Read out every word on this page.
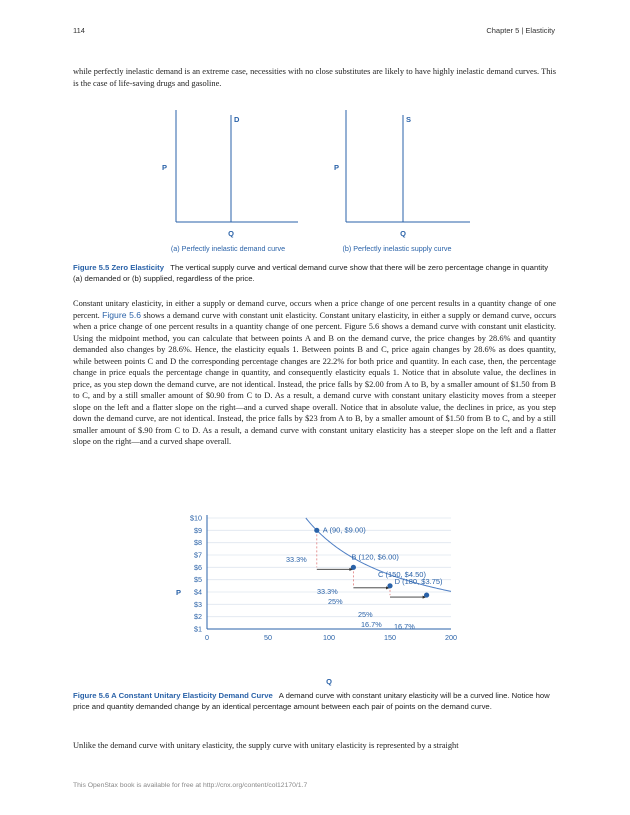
114	Chapter 5 | Elasticity

while perfectly inelastic demand is an extreme case, necessities with no close substitutes are likely to have highly inelastic demand curves. This is the case of life-saving drugs and gasoline.

D
P
Q
(a) Perfectly inelastic demand curve
S
P
Q
(b) Perfectly inelastic supply curve

Figure 5.5 Zero Elasticity The vertical supply curve and vertical demand curve show that there will be zero percentage change in quantity (a) demanded or (b) supplied, regardless of the price.

Constant unitary elasticity, in either a supply or demand curve, occurs when a price change of one percent results in a quantity change of one percent. Figure 5.6 shows a demand curve with constant unit elasticity. Constant unitary elasticity, in either a supply or demand curve, occurs when a price change of one percent results in a quantity change of one percent. Figure 5.6 shows a demand curve with constant unit elasticity. Using the midpoint method, you can calculate that between points A and B on the demand curve, the price changes by 28.6% and quantity demanded also changes by 28.6%. Hence, the elasticity equals 1. Between points B and C, price again changes by 28.6% as does quantity, while between points C and D the corresponding percentage changes are 22.2% for both price and quantity. In each case, then, the percentage change in price equals the percentage change in quantity, and consequently elasticity equals 1. Notice that in absolute value, the declines in price, as you step down the demand curve, are not identical. Instead, the price falls by $2.00 from A to B, by a smaller amount of $1.50 from B to C, and by a still smaller amount of $0.90 from C to D. As a result, a demand curve with constant unitary elasticity moves from a steeper slope on the left and a flatter slope on the right—and a curved shape overall. Notice that in absolute value, the declines in price, as you step down the demand curve, are not identical. Instead, the price falls by $23 from A to B, by a smaller amount of $1.50 from B to C, and by a still smaller amount of $.90 from C to D. As a result, a demand curve with constant unitary elasticity has a steeper slope on the left and a flatter slope on the right—and a curved shape overall.

$1
$2
$3
$4
$5
$6
$7
$8
$9
$10
0	50	100	150	200
33.3%
33.3%
25%
25%
16.7% 16.7%
A (90, $9.00)
B (120, $6.00)
C (150, $4.50)
D (180, $3.75)
P
Q

Figure 5.6 A Constant Unitary Elasticity Demand Curve A demand curve with constant unitary elasticity will be a curved line. Notice how price and quantity demanded change by an identical percentage amount between each pair of points on the demand curve.

Unlike the demand curve with unitary elasticity, the supply curve with unitary elasticity is represented by a straight

This OpenStax book is available for free at http://cnx.org/content/col12170/1.7
